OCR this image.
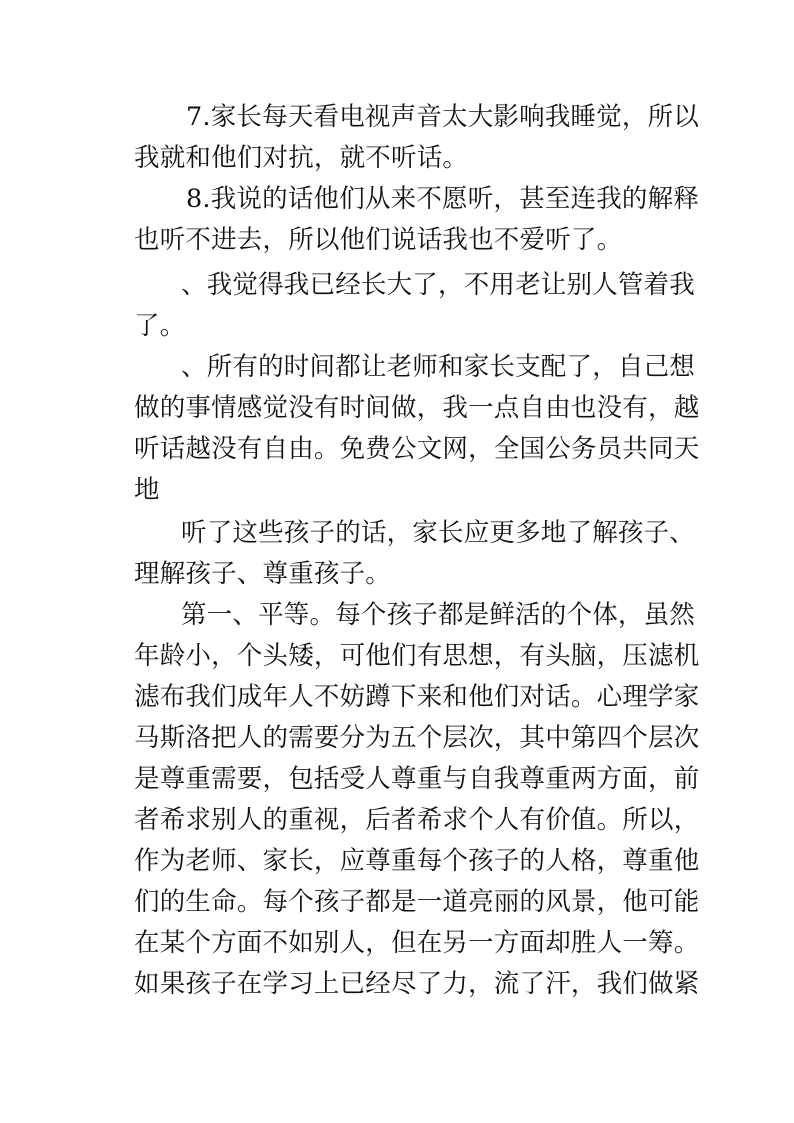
7.家长每天看电视声音太大影响我睡觉，所以

我就和他们对抗，就不听话。

8.我说的话他们从来不愿听，甚至连我的解释

也听不进去，所以他们说话我也不爱听了。

、我觉得我已经长大了，不用老让别人管着我

了。

、所有的时间都让老师和家长支配了，自己想

做的事情感觉没有时间做，我一点自由也没有，越

听话越没有自由。免费公文网，全国公务员共同天

地

听了这些孩子的话，家长应更多地了解孩子、

理解孩子、尊重孩子。

第一、平等。每个孩子都是鲜活的个体，虽然

年龄小，个头矮，可他们有思想，有头脑，压滤机

滤布我们成年人不妨蹲下来和他们对话。心理学家

马斯洛把人的需要分为五个层次，其中第四个层次

是尊重需要，包括受人尊重与自我尊重两方面，前

者希求别人的重视，后者希求个人有价值。所以，

作为老师、家长，应尊重每个孩子的人格，尊重他

们的生命。每个孩子都是一道亮丽的风景，他可能

在某个方面不如别人，但在另一方面却胜人一筹。

如果孩子在学习上已经尽了力，流了汗，我们做紧
